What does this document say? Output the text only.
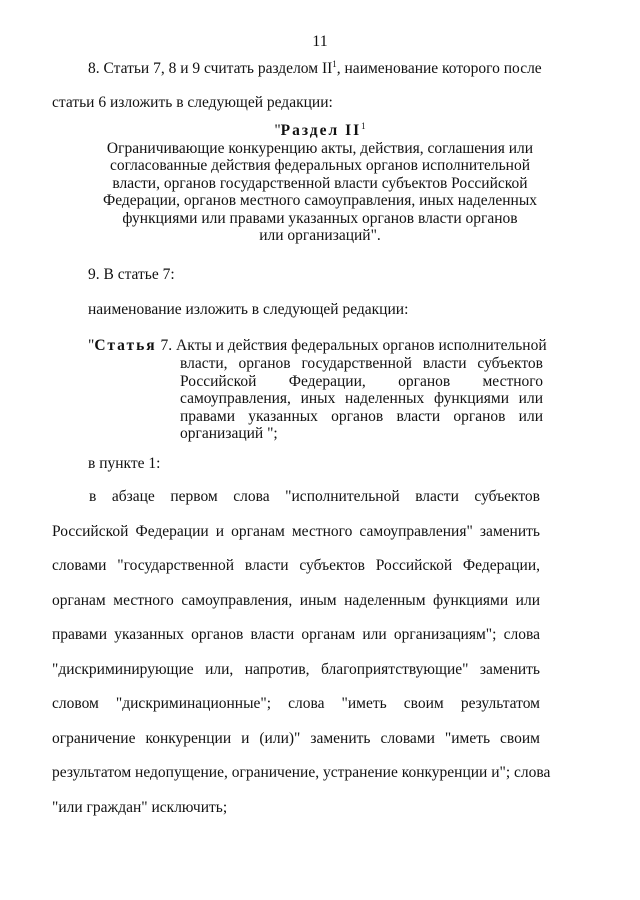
11
8. Статьи 7, 8 и 9 считать разделом $II^1$, наименование которого после
статьи 6 изложить в следующей редакции:
"Раздел $II^1$
Ограничивающие конкуренцию акты, действия, соглашения или
согласованные действия федеральных органов исполнительной
власти, органов государственной власти субъектов Российской
Федерации, органов местного самоуправления, иных наделенных
функциями или правами указанных органов власти органов
или организаций".
9. В статье 7:
наименование изложить в следующей редакции:
"Статья 7. Акты и действия федеральных органов исполнительной
власти, органов государственной власти субъектов
Российской Федерации, органов местного
самоуправления, иных наделенных функциями или
правами указанных органов власти органов или
организаций ";
в пункте 1:
в абзаце первом слова "исполнительной власти субъектов
Российской Федерации и органам местного самоуправления" заменить
словами "государственной власти субъектов Российской Федерации,
органам местного самоуправления, иным наделенным функциями или
правами указанных органов власти органам или организациям"; слова
"дискриминирующие или, напротив, благоприятствующие" заменить
словом "дискриминационные"; слова "иметь своим результатом
ограничение конкуренции и (или)" заменить словами "иметь своим
результатом недопущение, ограничение, устранение конкуренции и"; слова
"или граждан" исключить;
